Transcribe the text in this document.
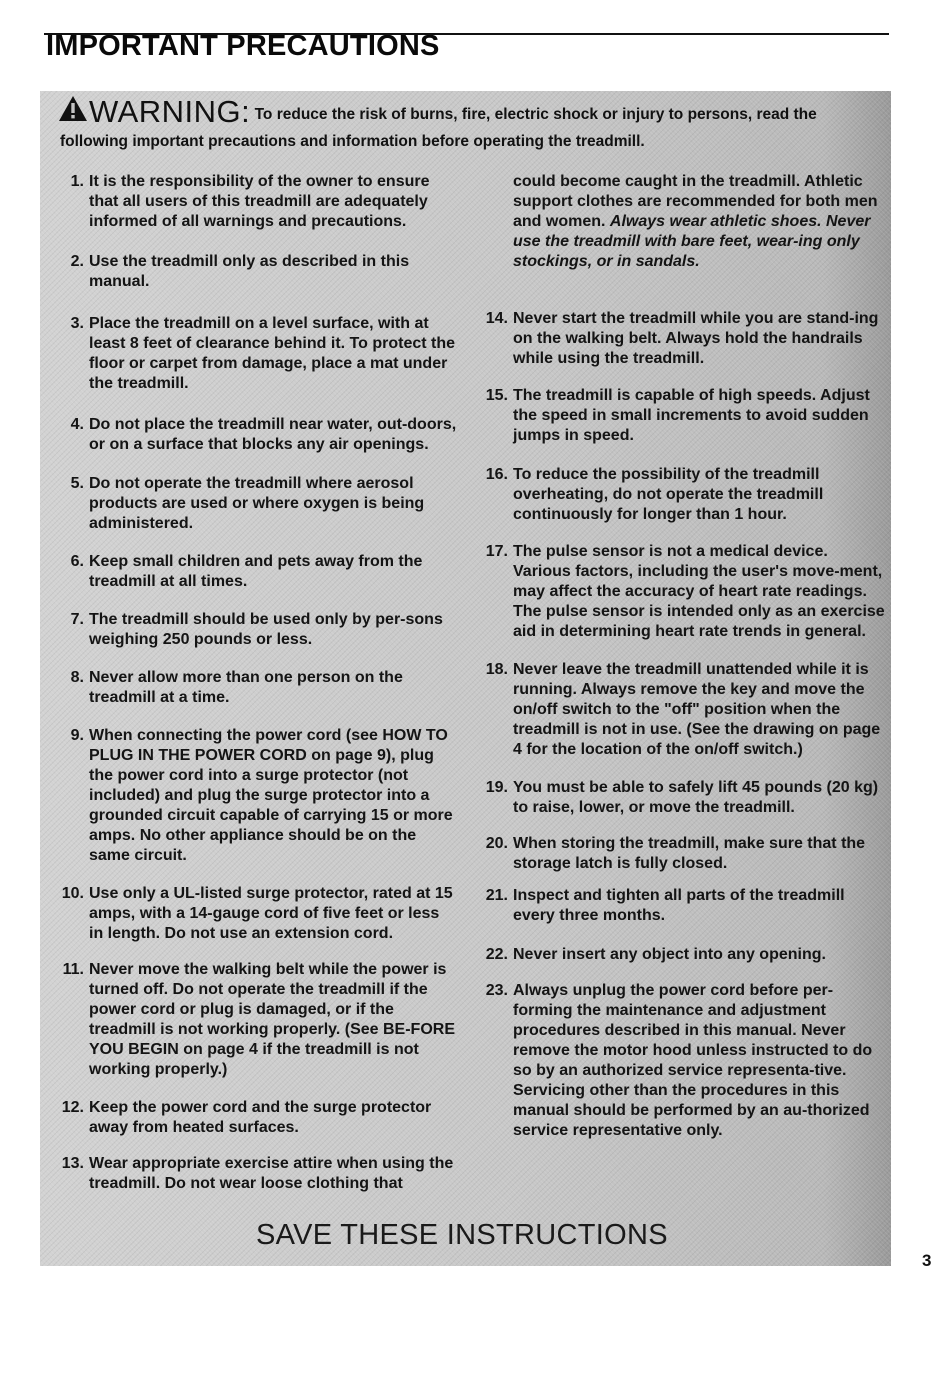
IMPORTANT PRECAUTIONS
WARNING: To reduce the risk of burns, fire, electric shock or injury to persons, read the
following important precautions and information before operating the treadmill.
1. It is the responsibility of the owner to ensure that all users of this treadmill are adequately informed of all warnings and precautions.
2. Use the treadmill only as described in this manual.
3. Place the treadmill on a level surface, with at least 8 feet of clearance behind it. To protect the floor or carpet from damage, place a mat under the treadmill.
4. Do not place the treadmill near water, out-doors, or on a surface that blocks any air openings.
5. Do not operate the treadmill where aerosol products are used or where oxygen is being administered.
6. Keep small children and pets away from the treadmill at all times.
7. The treadmill should be used only by per-sons weighing 250 pounds or less.
8. Never allow more than one person on the treadmill at a time.
9. When connecting the power cord (see HOW TO PLUG IN THE POWER CORD on page 9), plug the power cord into a surge protector (not included) and plug the surge protector into a grounded circuit capable of carrying 15 or more amps. No other appliance should be on the same circuit.
10. Use only a UL-listed surge protector, rated at 15 amps, with a 14-gauge cord of five feet or less in length. Do not use an extension cord.
11. Never move the walking belt while the power is turned off. Do not operate the treadmill if the power cord or plug is damaged, or if the treadmill is not working properly. (See BE-FORE YOU BEGIN on page 4 if the treadmill is not working properly.)
12. Keep the power cord and the surge protector away from heated surfaces.
13. Wear appropriate exercise attire when using the treadmill. Do not wear loose clothing that
could become caught in the treadmill. Athletic support clothes are recommended for both men and women. Always wear athletic shoes. Never use the treadmill with bare feet, wear-ing only stockings, or in sandals.
14. Never start the treadmill while you are stand-ing on the walking belt. Always hold the handrails while using the treadmill.
15. The treadmill is capable of high speeds. Adjust the speed in small increments to avoid sudden jumps in speed.
16. To reduce the possibility of the treadmill overheating, do not operate the treadmill continuously for longer than 1 hour.
17. The pulse sensor is not a medical device. Various factors, including the user's move-ment, may affect the accuracy of heart rate readings. The pulse sensor is intended only as an exercise aid in determining heart rate trends in general.
18. Never leave the treadmill unattended while it is running. Always remove the key and move the on/off switch to the "off" position when the treadmill is not in use. (See the drawing on page 4 for the location of the on/off switch.)
19. You must be able to safely lift 45 pounds (20 kg) to raise, lower, or move the treadmill.
20. When storing the treadmill, make sure that the storage latch is fully closed.
21. Inspect and tighten all parts of the treadmill every three months.
22. Never insert any object into any opening.
23. Always unplug the power cord before per-forming the maintenance and adjustment procedures described in this manual. Never remove the motor hood unless instructed to do so by an authorized service representa-tive. Servicing other than the procedures in this manual should be performed by an au-thorized service representative only.
SAVE THESE INSTRUCTIONS
3
